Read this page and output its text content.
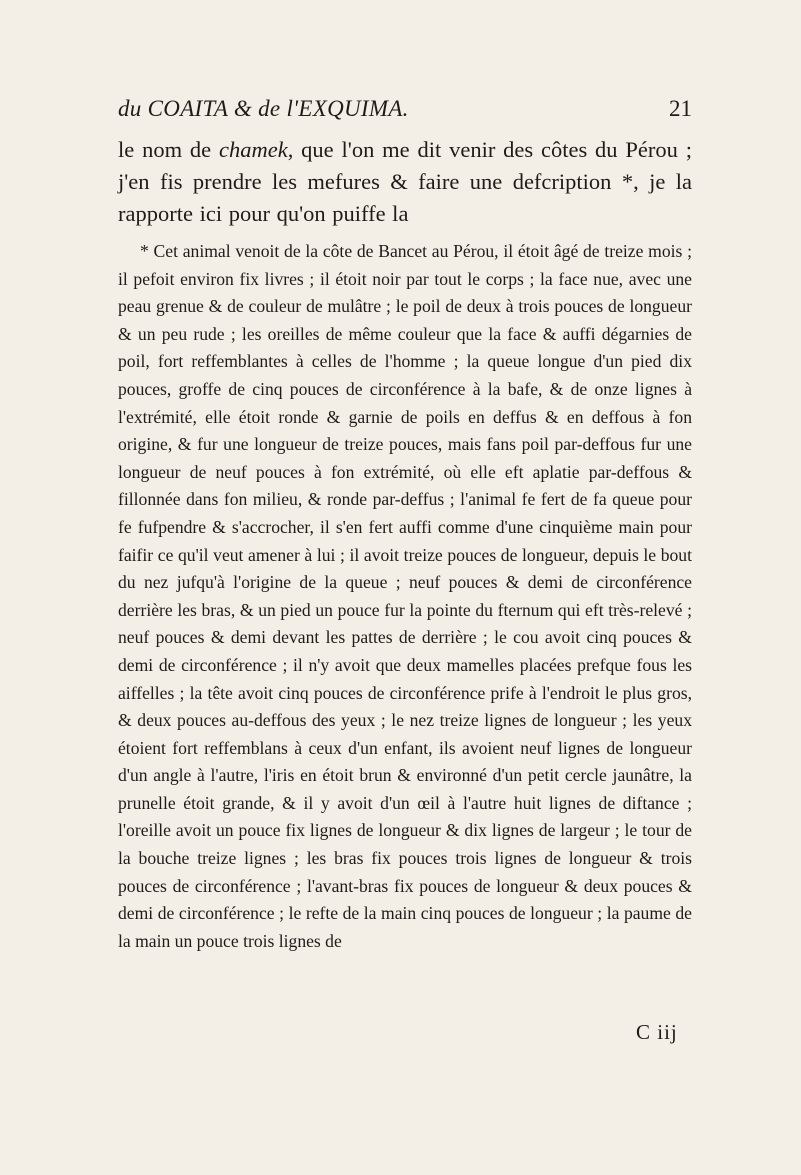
du COAITA & de l'EXQUIMA.	21
le nom de chamek, que l'on me dit venir des côtes du Pérou ; j'en fis prendre les mefures & faire une defcription *, je la rapporte ici pour qu'on puiffe la
* Cet animal venoit de la côte de Bancet au Pérou, il étoit âgé de treize mois ; il pefoit environ fix livres ; il étoit noir par tout le corps ; la face nue, avec une peau grenue & de couleur de mulâtre ; le poil de deux à trois pouces de longueur & un peu rude ; les oreilles de même couleur que la face & auffi dégarnies de poil, fort reffemblantes à celles de l'homme ; la queue longue d'un pied dix pouces, groffe de cinq pouces de circonférence à la bafe, & de onze lignes à l'extrémité, elle étoit ronde & garnie de poils en deffus & en deffous à fon origine, & fur une longueur de treize pouces, mais fans poil par-deffous fur une longueur de neuf pouces à fon extrémité, où elle eft aplatie par-deffous & fillonnée dans fon milieu, & ronde par-deffus ; l'animal fe fert de fa queue pour fe fufpendre & s'accrocher, il s'en fert auffi comme d'une cinquième main pour faifir ce qu'il veut amener à lui ; il avoit treize pouces de longueur, depuis le bout du nez jufqu'à l'origine de la queue ; neuf pouces & demi de circonférence derrière les bras, & un pied un pouce fur la pointe du fternum qui eft très-relevé ; neuf pouces & demi devant les pattes de derrière ; le cou avoit cinq pouces & demi de circonférence ; il n'y avoit que deux mamelles placées prefque fous les aiffelles ; la tête avoit cinq pouces de circonférence prife à l'endroit le plus gros, & deux pouces au-deffous des yeux ; le nez treize lignes de longueur ; les yeux étoient fort reffemblans à ceux d'un enfant, ils avoient neuf lignes de longueur d'un angle à l'autre, l'iris en étoit brun & environné d'un petit cercle jaunâtre, la prunelle étoit grande, & il y avoit d'un œil à l'autre huit lignes de diftance ; l'oreille avoit un pouce fix lignes de longueur & dix lignes de largeur ; le tour de la bouche treize lignes ; les bras fix pouces trois lignes de longueur & trois pouces de circonférence ; l'avant-bras fix pouces de longueur & deux pouces & demi de circonférence ; le refte de la main cinq pouces de longueur ; la paume de la main un pouce trois lignes de
C iij
